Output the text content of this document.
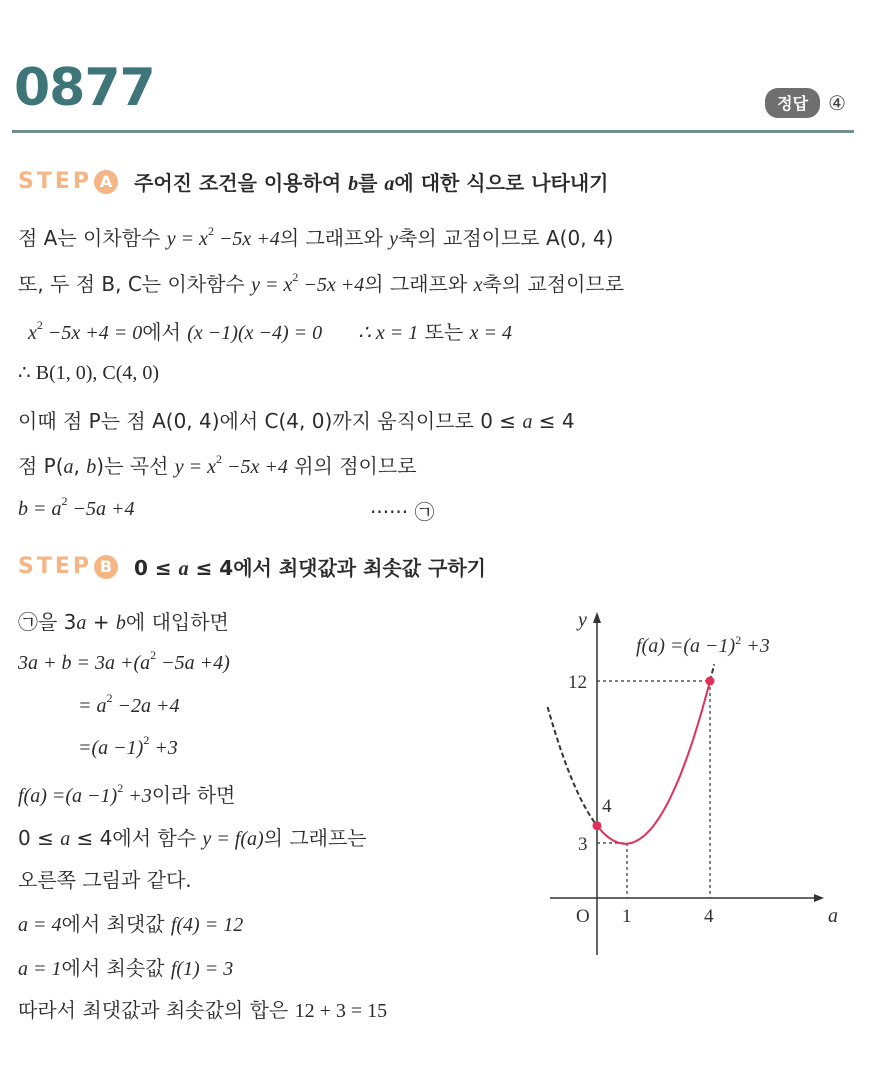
0877	정답	④
STEP A 주어진 조건을 이용하여 b를 a에 대한 식으로 나타내기
점 A는 이차함수 $y = x^2 -5x +4$의 그래프와 y축의 교점이므로 A(0, 4)
또, 두 점 B, C는 이차함수 $y = x^2 -5x +4$의 그래프와 x축의 교점이므로
$x^2 -5x +4 = 0$에서 (x −1)(x −4) = 0 ∴ x = 1 또는 x = 4
∴ B(1, 0), C(4, 0)
이때 점 P는 점 A(0, 4)에서 C(4, 0)까지 움직이므로 0 ≤ a ≤ 4
점 P(a, b)는 곡선 $y = x^2 -5x +4$ 위의 점이므로
$b = a^2 -5a +4$	······ ㉠
STEP B 0 ≤ a ≤ 4에서 최댓값과 최솟값 구하기
㉠을 3a + b에 대입하면
$3a + b = 3a +(a^2 -5a +4)$
= $a^2 -2a +4$
$=(a -1)^2 +3$
$f(a) =(a -1)^2 +3$이라 하면
0 ≤ a ≤ 4에서 함수 y = f(a)의 그래프는
오른쪽 그림과 같다.
a = 4에서 최댓값 f(4) = 12
a = 1에서 최솟값 f(1) = 3
따라서 최댓값과 최솟값의 합은 12 + 3 = 15
y
a
O 1	4
12
4
3
$f(a) =(a -1)^2 +3$
